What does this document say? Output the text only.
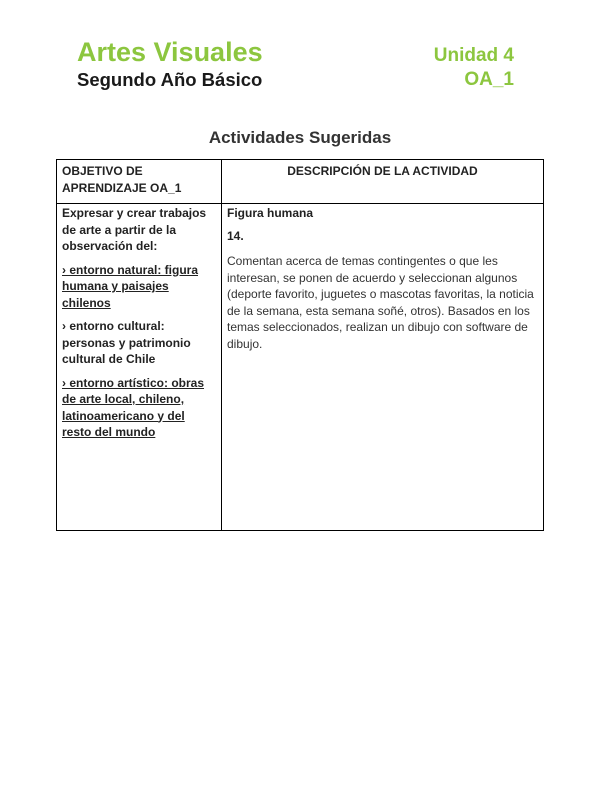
Artes Visuales	Unidad 4
Segundo Año Básico	OA_1
Actividades Sugeridas
OBJETIVO DE APRENDIZAJE OA_1
DESCRIPCIÓN DE LA ACTIVIDAD

Expresar y crear trabajos de arte a partir de la observación del:

› entorno natural: figura humana y paisajes chilenos

› entorno cultural: personas y patrimonio cultural de Chile

› entorno artístico: obras de arte local, chileno, latinoamericano y del resto del mundo

Figura humana

14.

Comentan acerca de temas contingentes o que les interesan, se ponen de acuerdo y seleccionan algunos (deporte favorito, juguetes o mascotas favoritas, la noticia de la semana, esta semana soñé, otros). Basados en los temas seleccionados, realizan un dibujo con software de dibujo.
